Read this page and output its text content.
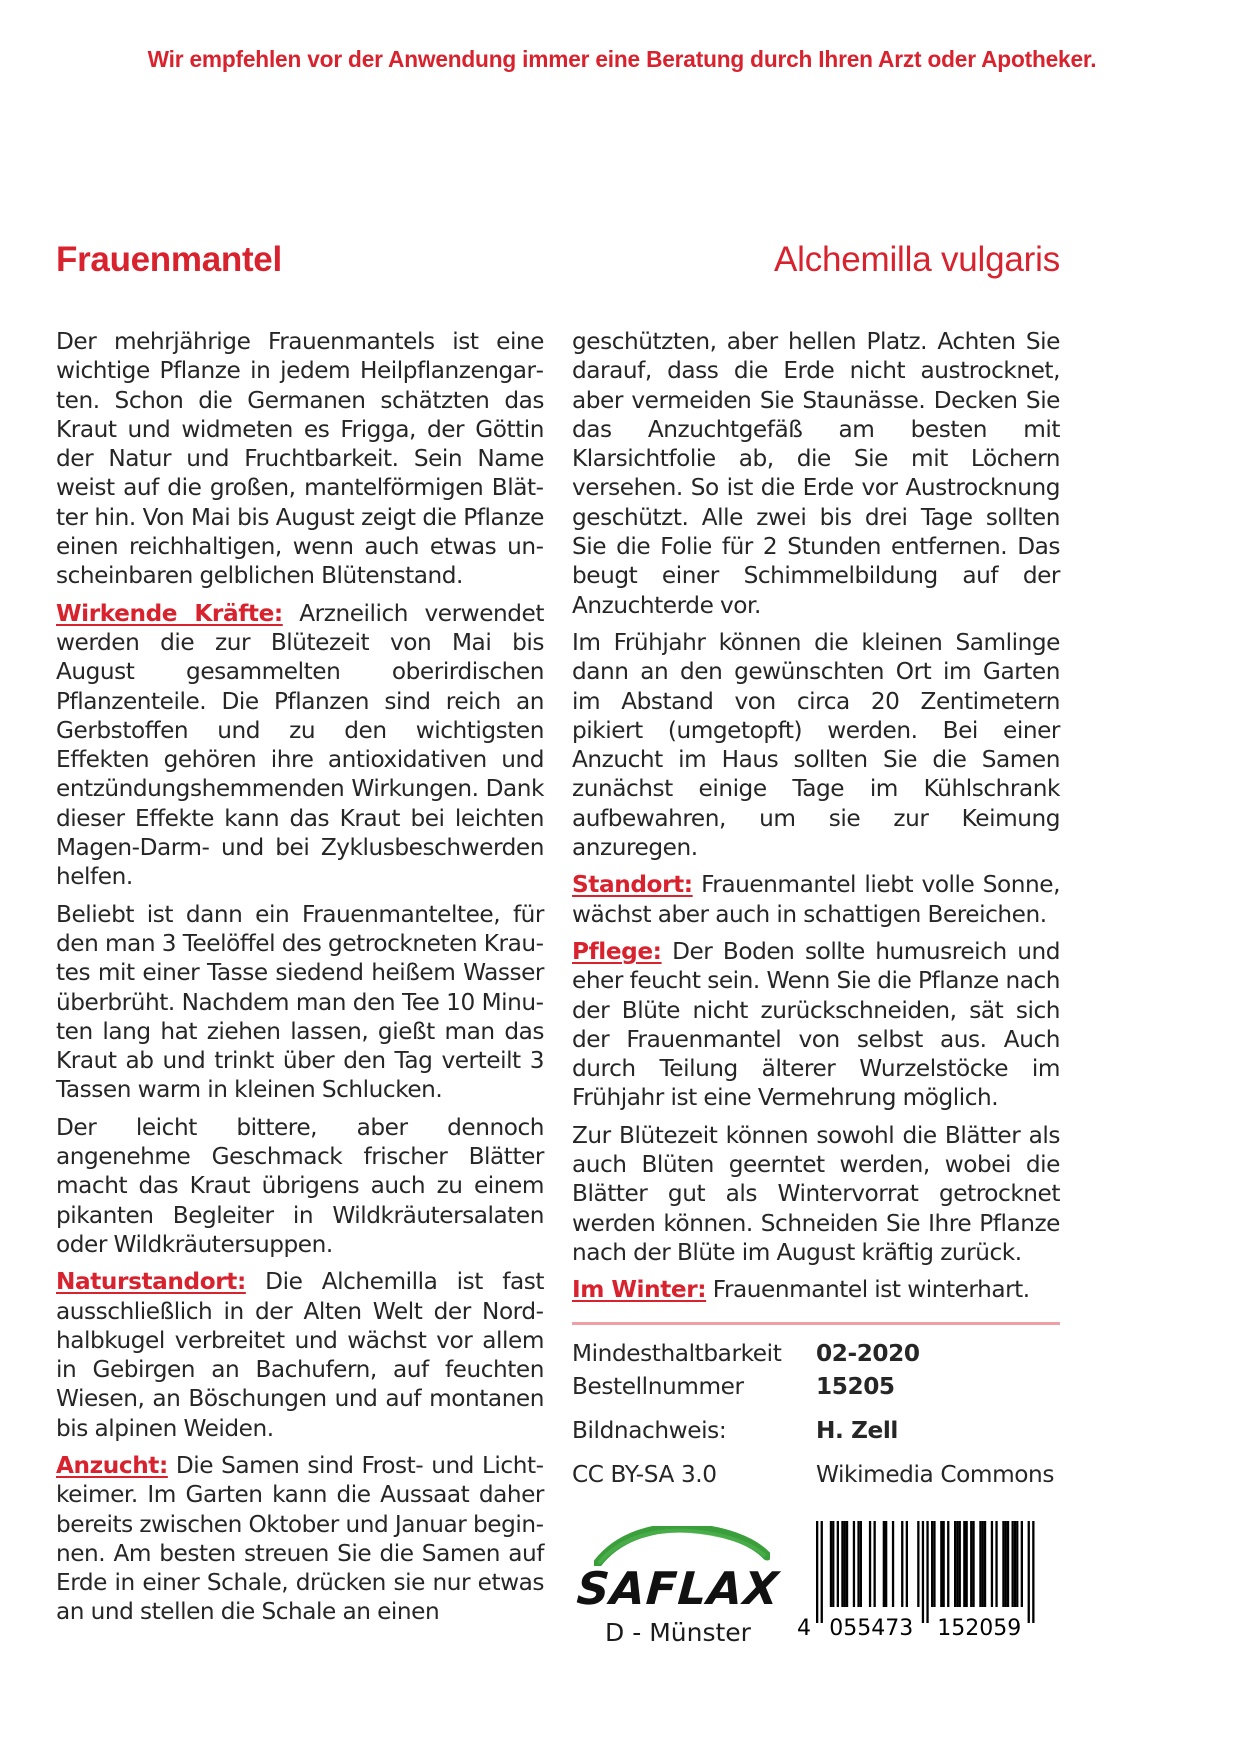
Wir empfehlen vor der Anwendung immer eine Beratung durch Ihren Arzt oder Apotheker.
Frauenmantel	Alchemilla vulgaris

Der mehrjährige Frauenmantels ist eine wichtige Pflanze in jedem Heilpflanzengarten. Schon die Germanen schätzten das Kraut und widmeten es Frigga, der Göttin der Natur und Fruchtbarkeit. Sein Name weist auf die großen, mantelförmigen Blätter hin. Von Mai bis August zeigt die Pflanze einen reichhaltigen, wenn auch etwas unscheinbaren gelblichen Blütenstand.

Wirkende Kräfte: Arzneilich verwendet werden die zur Blütezeit von Mai bis August gesammelten oberirdischen Pflanzenteile. Die Pflanzen sind reich an Gerbstoffen und zu den wichtigsten Effekten gehören ihre antioxidativen und entzündungshemmenden Wirkungen. Dank dieser Effekte kann das Kraut bei leichten Magen-Darm- und bei Zyklusbeschwerden helfen.

Beliebt ist dann ein Frauenmanteltee, für den man 3 Teelöffel des getrockneten Krautes mit einer Tasse siedend heißem Wasser überbrüht. Nachdem man den Tee 10 Minuten lang hat ziehen lassen, gießt man das Kraut ab und trinkt über den Tag verteilt 3 Tassen warm in kleinen Schlucken.

Der leicht bittere, aber dennoch angenehme Geschmack frischer Blätter macht das Kraut übrigens auch zu einem pikanten Begleiter in Wildkräutersalaten oder Wildkräutersuppen.

Naturstandort: Die Alchemilla ist fast ausschließlich in der Alten Welt der Nordhalbkugel verbreitet und wächst vor allem in Gebirgen an Bachufern, auf feuchten Wiesen, an Böschungen und auf montanen bis alpinen Weiden.

Anzucht: Die Samen sind Frost- und Lichtkeimer. Im Garten kann die Aussaat daher bereits zwischen Oktober und Januar beginnen. Am besten streuen Sie die Samen auf Erde in einer Schale, drücken sie nur etwas an und stellen die Schale an einen

geschützten, aber hellen Platz. Achten Sie darauf, dass die Erde nicht austrocknet, aber vermeiden Sie Staunässe. Decken Sie das Anzuchtgefäß am besten mit Klarsichtfolie ab, die Sie mit Löchern versehen. So ist die Erde vor Austrocknung geschützt. Alle zwei bis drei Tage sollten Sie die Folie für 2 Stunden entfernen. Das beugt einer Schimmelbildung auf der Anzuchterde vor.

Im Frühjahr können die kleinen Samlinge dann an den gewünschten Ort im Garten im Abstand von circa 20 Zentimetern pikiert (umgetopft) werden. Bei einer Anzucht im Haus sollten Sie die Samen zunächst einige Tage im Kühlschrank aufbewahren, um sie zur Keimung anzuregen.

Standort: Frauenmantel liebt volle Sonne, wächst aber auch in schattigen Bereichen.

Pflege: Der Boden sollte humusreich und eher feucht sein. Wenn Sie die Pflanze nach der Blüte nicht zurückschneiden, sät sich der Frauenmantel von selbst aus. Auch durch Teilung älterer Wurzelstöcke im Frühjahr ist eine Vermehrung möglich.

Zur Blütezeit können sowohl die Blätter als auch Blüten geerntet werden, wobei die Blätter gut als Wintervorrat getrocknet werden können. Schneiden Sie Ihre Pflanze nach der Blüte im August kräftig zurück.

Im Winter: Frauenmantel ist winterhart.

Mindesthaltbarkeit	02-2020
Bestellnummer	15205
Bildnachweis:	H. Zell
CC BY-SA 3.0	Wikimedia Commons
SAFLAX
D - Münster	4 055473 152059
